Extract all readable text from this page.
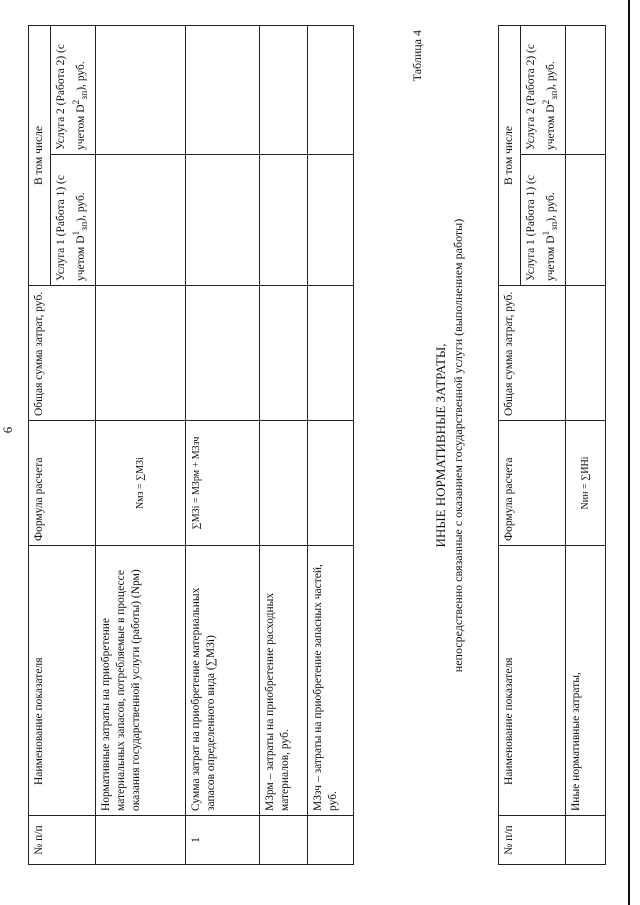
6
№ п/п	Наименование показателя	Формула расчета	Общая сумма затрат, руб.	В том числе	
				Услуга 1 (Работа 1) (с учетом $D^1_{зп}$), руб.	Услуга 2 (Работа 2) (с учетом $D^2_{зп}$), руб.
	Нормативные затраты на приобретение материальных запасов, потребляемые в процессе оказания государственной услуги (работы) (Nрм)	Nмз = ∑МЗi			
1	Сумма затрат на приобретение материальных запасов определенного вида (∑МЗi)	∑МЗi = МЗрм + МЗзч			
	МЗрм – затраты на приобретение расходных материалов, руб.				
	МЗзч – затраты на приобретение запасных частей, руб.				
Таблица 4
ИНЫЕ НОРМАТИВНЫЕ ЗАТРАТЫ, непосредственно связанные с оказанием государственной услуги (выполнением работы)
№ п/п	Наименование показателя	Формула расчета	Общая сумма затрат, руб.	В том числе	
				Услуга 1 (Работа 1) (с учетом $D^1_{зп}$), руб.	Услуга 2 (Работа 2) (с учетом $D^2_{зп}$), руб.
	Иные нормативные затраты,	Nин = ∑ИНi			
